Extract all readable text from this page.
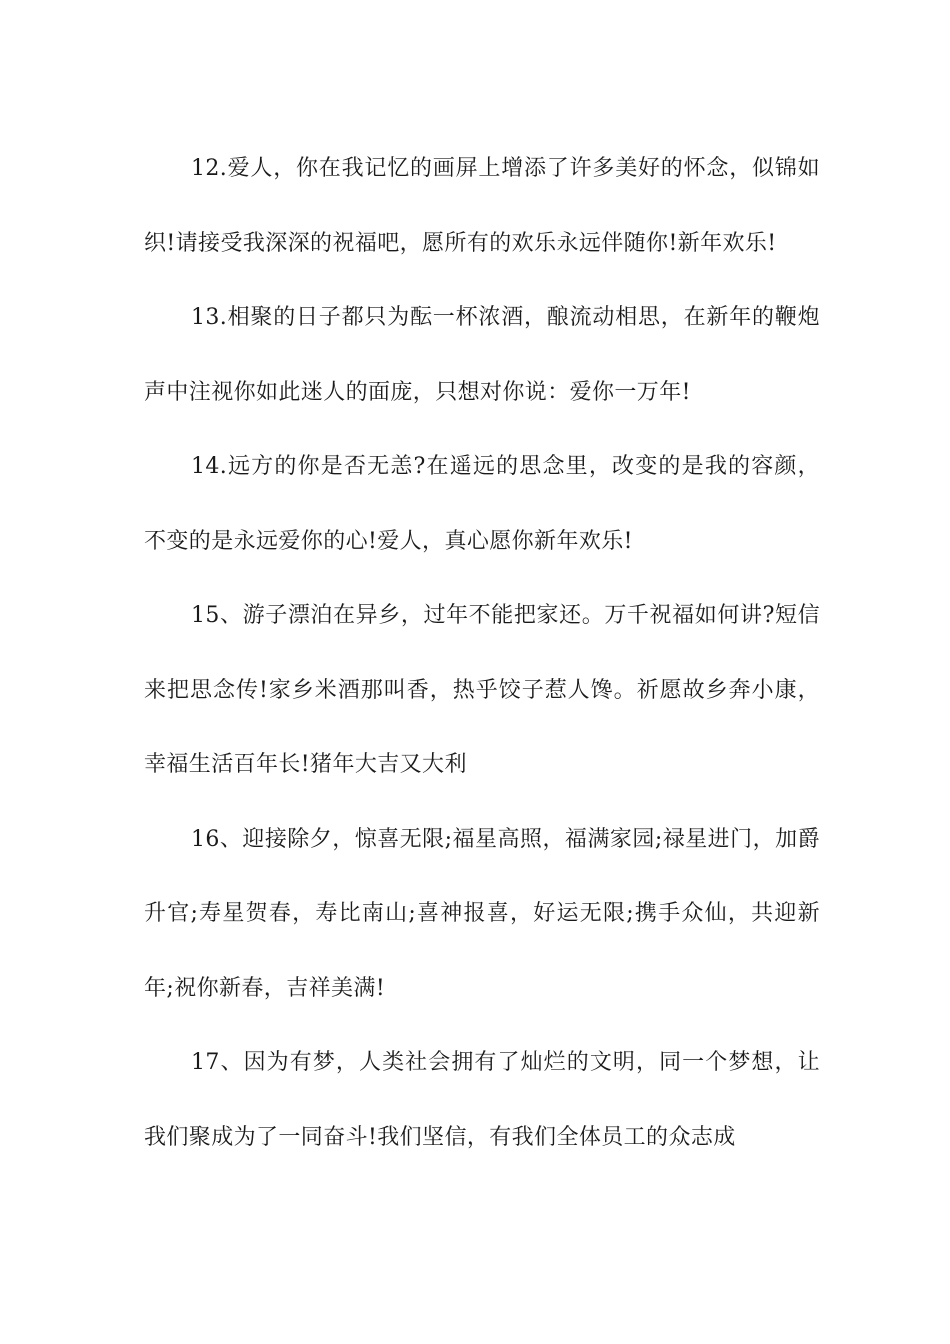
12.爱人，你在我记忆的画屏上增添了许多美好的怀念，似锦如织!请接受我深深的祝福吧，愿所有的欢乐永远伴随你!新年欢乐!

13.相聚的日子都只为酝一杯浓酒，酿流动相思，在新年的鞭炮声中注视你如此迷人的面庞，只想对你说：爱你一万年!

14.远方的你是否无恙?在遥远的思念里，改变的是我的容颜，不变的是永远爱你的心!爱人，真心愿你新年欢乐!

15、游子漂泊在异乡，过年不能把家还。万千祝福如何讲?短信来把思念传!家乡米酒那叫香，热乎饺子惹人馋。祈愿故乡奔小康，幸福生活百年长!猪年大吉又大利

16、迎接除夕，惊喜无限;福星高照，福满家园;禄星进门，加爵升官;寿星贺春，寿比南山;喜神报喜，好运无限;携手众仙，共迎新年;祝你新春，吉祥美满!

17、因为有梦，人类社会拥有了灿烂的文明，同一个梦想，让我们聚成为了一同奋斗!我们坚信，有我们全体员工的众志成
